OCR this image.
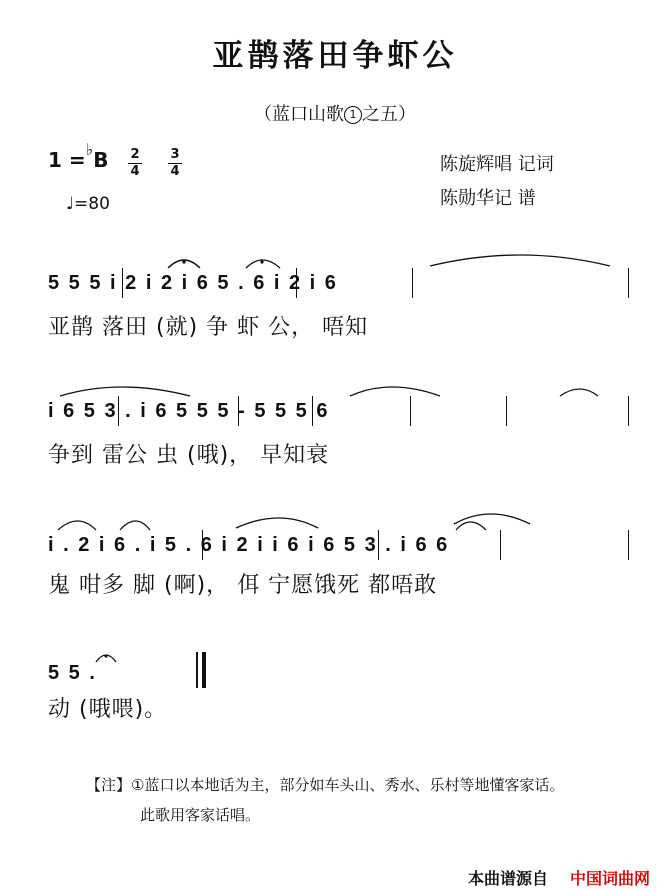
亚鹊落田争虾公
（蓝口山歌 1 之五）
1 =♭B 2
4
3
4
♩=80
陈旋辉唱 记词
陈勋华记 谱
5 5 5 i 2 i 2 i 6 5 . 6 i 2 i 6
亚鹊 落田 (就) 争 虾 公， 唔知
i 6 5 3 . i 6 5 5 5 - 5 5 5 6
争到 雷公 虫 (哦)， 早知衰
i . 2 i 6 . i 5 . 6 i 2 i i 6 i 6 5 3 . i 6 6
鬼 咁多 脚 (啊)， 佴 宁愿饿死 都唔敢
5 5 .
动 (哦喂)。
【注】①蓝口以本地话为主，部分如车头山、秀水、乐村等地懂客家话。
此歌用客家话唱。
本曲谱源自 中国词曲网
